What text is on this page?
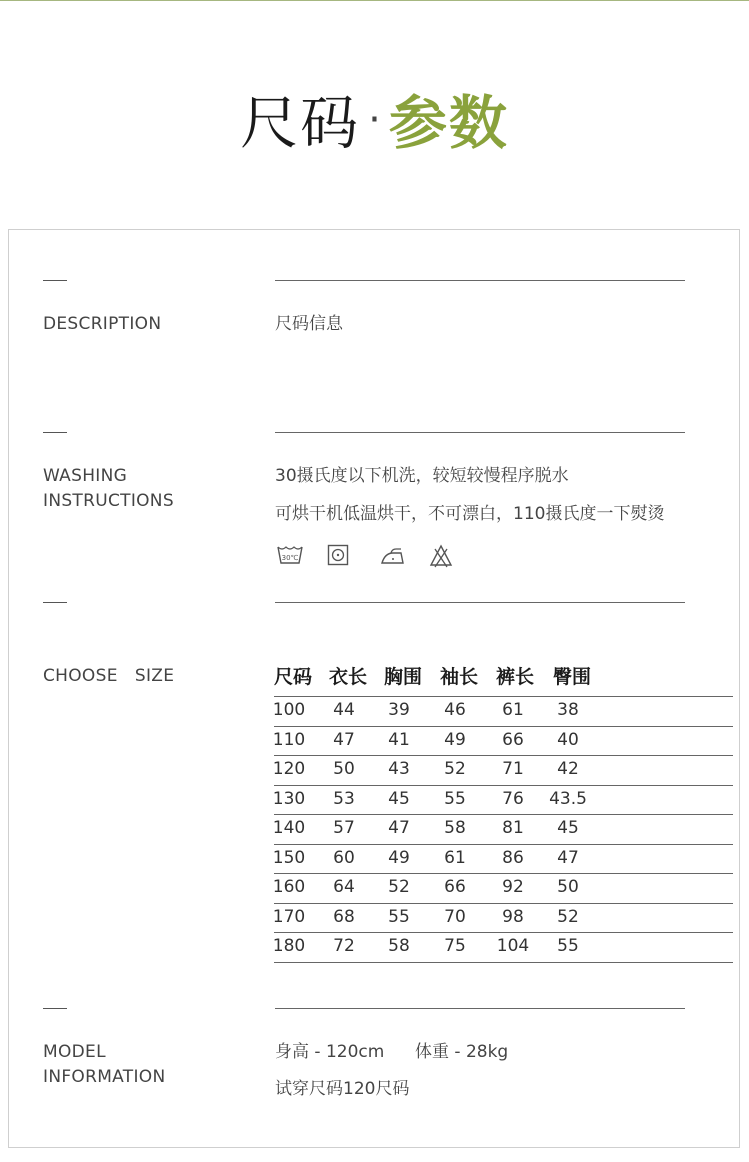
尺码 · 参数
DESCRIPTION	尺码信息
WASHING
INSTRUCTIONS
30摄氏度以下机洗，较短较慢程序脱水
可烘干机低温烘干，不可漂白，110摄氏度一下熨烫
30℃
CHOOSE   SIZE	尺码 衣长 胸围 袖长 裤长 臀围
100	44	39	46	61	38
110	47	41	49	66	40
120	50	43	52	71	42
130	53	45	55	76	43.5
140	57	47	58	81	45
150	60	49	61	86	47
160	64	52	66	92	50
170	68	55	70	98	52
180	72	58	75	104	55
MODEL
INFORMATION
身高 - 120cm 体重 - 28kg
试穿尺码120尺码
